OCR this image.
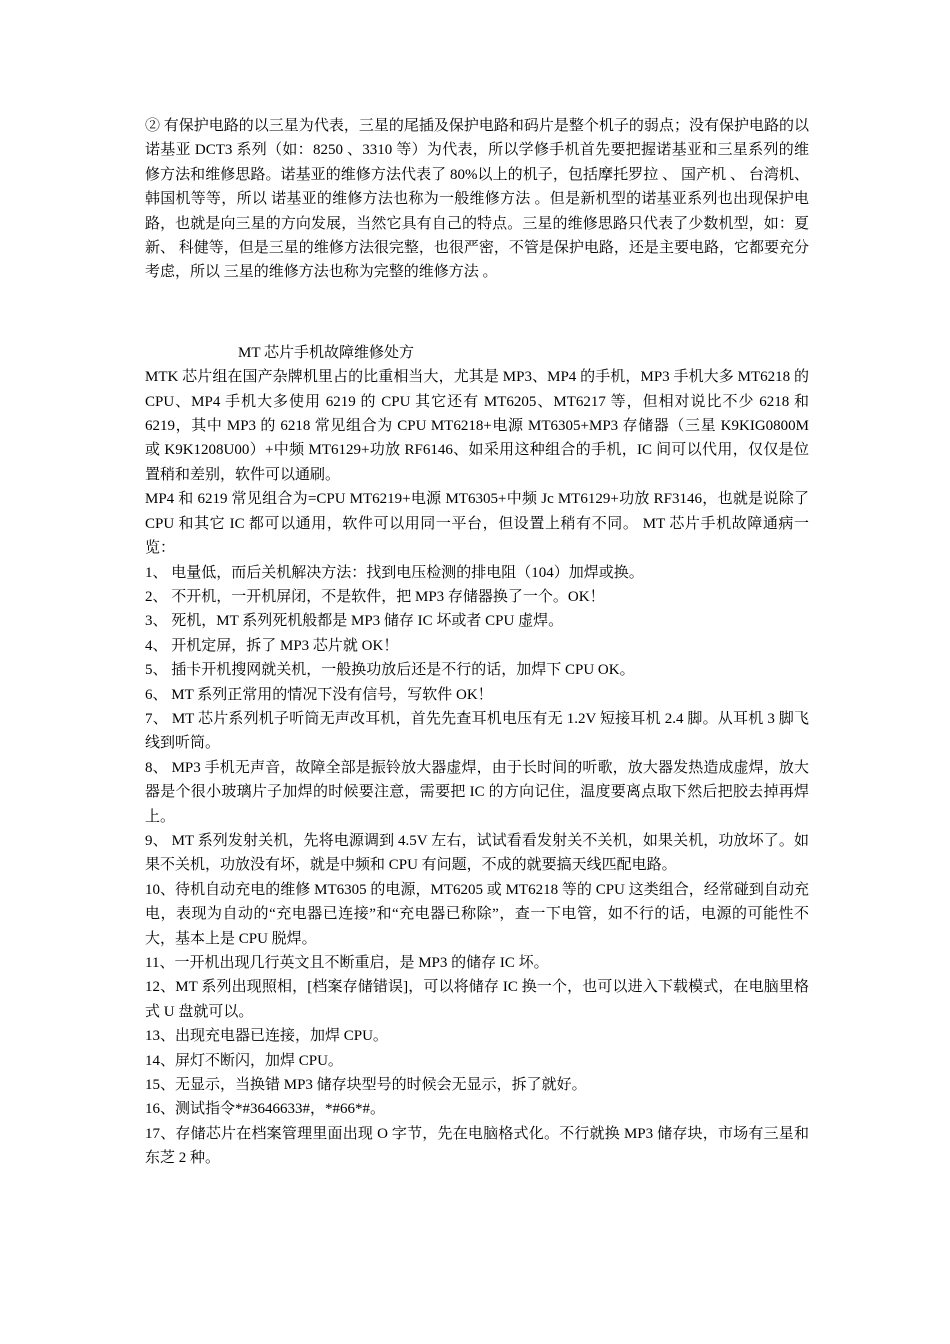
② 有保护电路的以三星为代表，三星的尾插及保护电路和码片是整个机子的弱点；没有保护电路的以诺基亚 DCT3 系列（如：8250 、3310 等）为代表，所以学修手机首先要把握诺基亚和三星系列的维修方法和维修思路。诺基亚的维修方法代表了 80%以上的机子，包括摩托罗拉 、 国产机 、 台湾机、韩国机等等，所以 诺基亚的维修方法也称为一般维修方法 。但是新机型的诺基亚系列也出现保护电路，也就是向三星的方向发展，当然它具有自己的特点。三星的维修思路只代表了少数机型，如：夏新、 科健等，但是三星的维修方法很完整，也很严密，不管是保护电路，还是主要电路，它都要充分考虑，所以 三星的维修方法也称为完整的维修方法 。

MT 芯片手机故障维修处方

MTK 芯片组在国产杂牌机里占的比重相当大，尤其是 MP3、MP4 的手机，MP3 手机大多 MT6218 的 CPU、MP4 手机大多使用 6219 的 CPU 其它还有 MT6205、MT6217 等，但相对说比不少 6218 和 6219，其中 MP3 的 6218 常见组合为 CPU MT6218+电源 MT6305+MP3 存储器（三星 K9KIG0800M 或 K9K1208U00）+中频 MT6129+功放 RF6146、如采用这种组合的手机，IC 间可以代用，仅仅是位置稍和差别，软件可以通刷。

MP4 和 6219 常见组合为=CPU MT6219+电源 MT6305+中频 Jc MT6129+功放 RF3146，也就是说除了 CPU 和其它 IC 都可以通用，软件可以用同一平台，但设置上稍有不同。 MT 芯片手机故障通病一览：

1、 电量低，而后关机解决方法：找到电压检测的排电阻（104）加焊或换。

2、 不开机，一开机屏闭，不是软件，把 MP3 存储器换了一个。OK！

3、 死机，MT 系列死机般都是 MP3 储存 IC 坏或者 CPU 虚焊。

4、 开机定屏，拆了 MP3 芯片就 OK！

5、 插卡开机搜网就关机，一般换功放后还是不行的话，加焊下 CPU OK。

6、 MT 系列正常用的情况下没有信号，写软件 OK！

7、 MT 芯片系列机子听筒无声改耳机，首先先查耳机电压有无 1.2V 短接耳机 2.4 脚。从耳机 3 脚飞线到听筒。

8、 MP3 手机无声音，故障全部是振铃放大器虚焊，由于长时间的听歌，放大器发热造成虚焊，放大器是个很小玻璃片子加焊的时候要注意，需要把 IC 的方向记住，温度要离点取下然后把胶去掉再焊上。

9、 MT 系列发射关机，先将电源调到 4.5V 左右，试试看看发射关不关机，如果关机，功放坏了。如果不关机，功放没有坏，就是中频和 CPU 有问题，不成的就要搞天线匹配电路。

10、待机自动充电的维修 MT6305 的电源，MT6205 或 MT6218 等的 CPU 这类组合，经常碰到自动充电，表现为自动的“充电器已连接”和“充电器已称除”，查一下电管，如不行的话，电源的可能性不大，基本上是 CPU 脱焊。

11、一开机出现几行英文且不断重启，是 MP3 的储存 IC 坏。

12、MT 系列出现照相，[档案存储错误]，可以将储存 IC 换一个，也可以进入下载模式，在电脑里格式 U 盘就可以。

13、出现充电器已连接，加焊 CPU。

14、屏灯不断闪，加焊 CPU。

15、无显示，当换错 MP3 储存块型号的时候会无显示，拆了就好。

16、测试指令*#3646633#，*#66*#。

17、存储芯片在档案管理里面出现 O 字节，先在电脑格式化。不行就换 MP3 储存块，市场有三星和东芝 2 种。
